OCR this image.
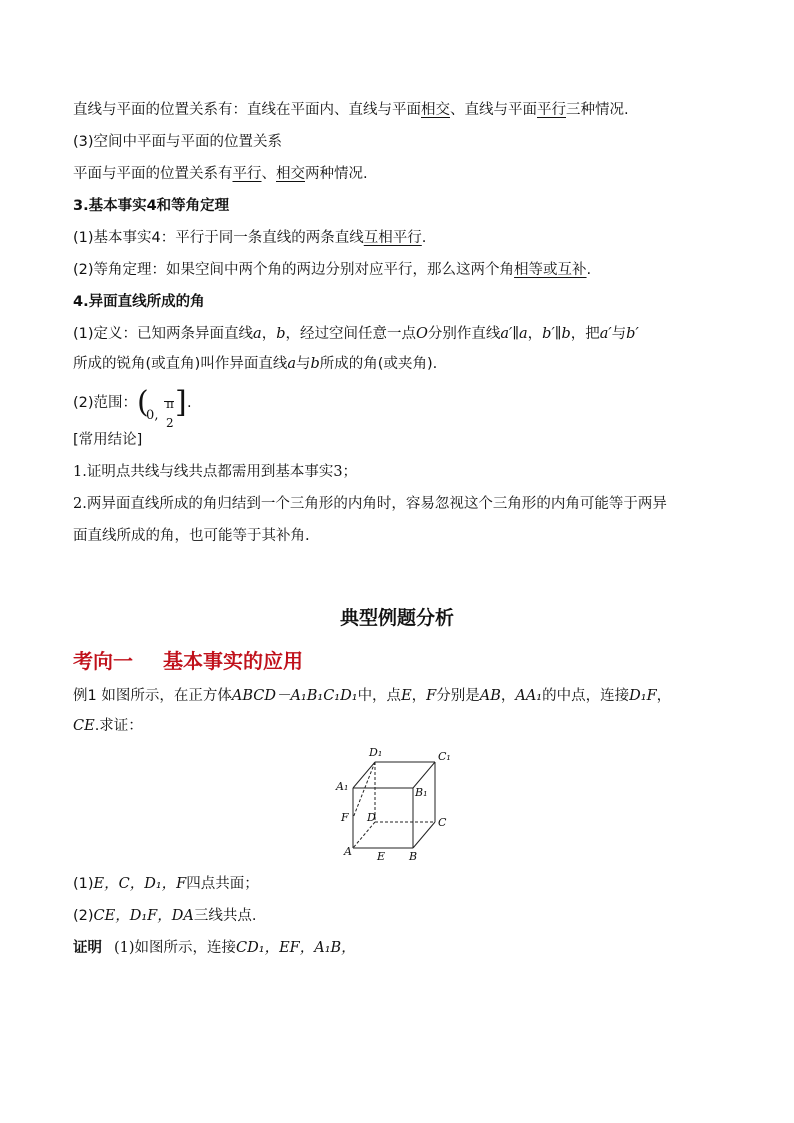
直线与平面的位置关系有：直线在平面内、直线与平面相交、直线与平面平行三种情况.
(3)空间中平面与平面的位置关系
平面与平面的位置关系有平行、相交两种情况.
3.基本事实4和等角定理
(1)基本事实4：平行于同一条直线的两条直线互相平行.
(2)等角定理：如果空间中两个角的两边分别对应平行，那么这两个角相等或互补.
4.异面直线所成的角
(1)定义：已知两条异面直线a，b，经过空间任意一点O分别作直线a′∥a，b′∥b，把a′与b′
所成的锐角(或直角)叫作异面直线a与b所成的角(或夹角).
(2)范围： (
0,
π
2
] .
[常用结论]
1.证明点共线与线共点都需用到基本事实3；
2.两异面直线所成的角归结到一个三角形的内角时，容易忽视这个三角形的内角可能等于两异
面直线所成的角，也可能等于其补角.
典型例题分析
考向一 基本事实的应用
例1 如图所示，在正方体ABCD－A₁B₁C₁D₁中，点E，F分别是AB，AA₁的中点，连接D₁F，
CE.求证：
D₁	C₁
A₁	B₁
F D	C
A E B
(1)E，C，D₁，F四点共面；
(2)CE，D₁F，DA三线共点.
证明 (1)如图所示，连接CD₁，EF，A₁B，
